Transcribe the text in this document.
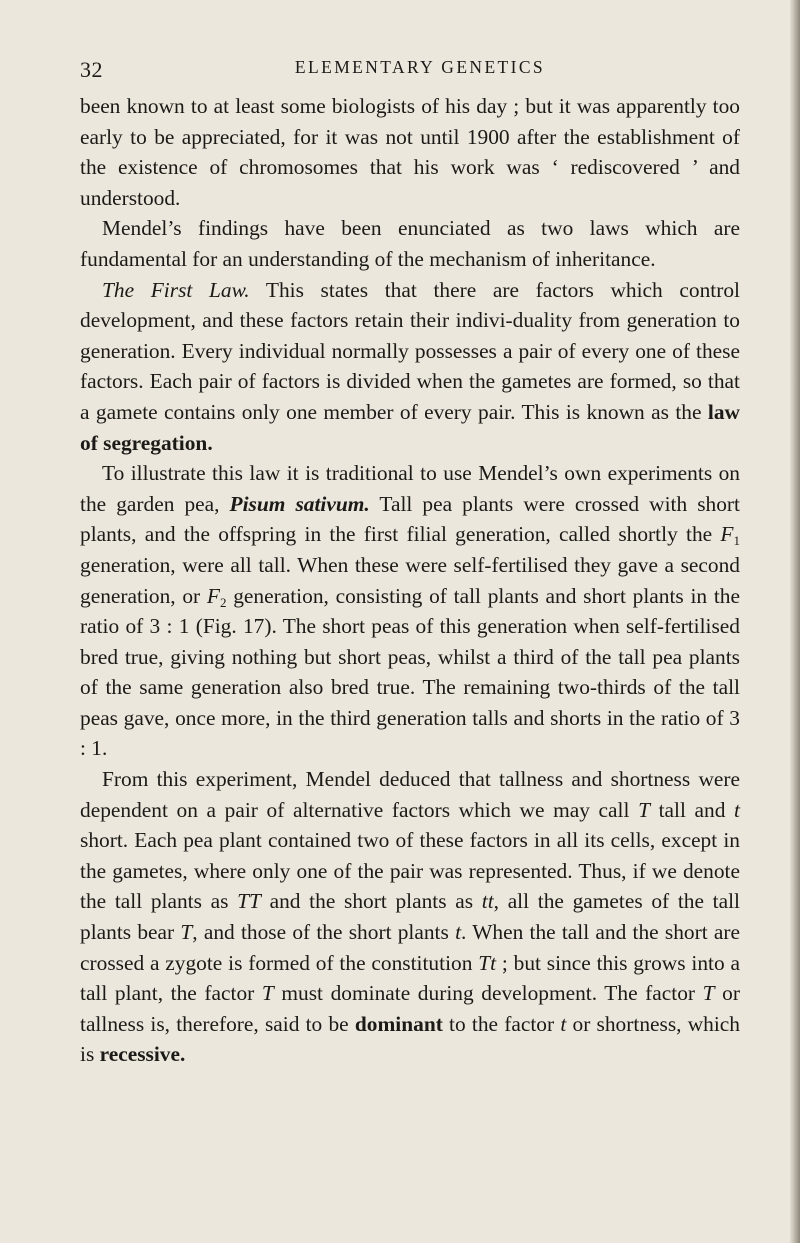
32	ELEMENTARY GENETICS

been known to at least some biologists of his day ; but it was apparently too early to be appreciated, for it was not until 1900 after the establishment of the existence of chromosomes that his work was ‘ rediscovered ’ and understood.

Mendel’s findings have been enunciated as two laws which are fundamental for an understanding of the mechanism of inheritance.

The First Law. This states that there are factors which control development, and these factors retain their indivi-duality from generation to generation. Every individual normally possesses a pair of every one of these factors. Each pair of factors is divided when the gametes are formed, so that a gamete contains only one member of every pair. This is known as the law of segregation.

To illustrate this law it is traditional to use Mendel’s own experiments on the garden pea, Pisum sativum. Tall pea plants were crossed with short plants, and the offspring in the first filial generation, called shortly the $F_1$ generation, were all tall. When these were self-fertilised they gave a second generation, or $F_2$ generation, consisting of tall plants and short plants in the ratio of 3 : 1 (Fig. 17). The short peas of this generation when self-fertilised bred true, giving nothing but short peas, whilst a third of the tall pea plants of the same generation also bred true. The remaining two-thirds of the tall peas gave, once more, in the third generation talls and shorts in the ratio of 3 : 1.

From this experiment, Mendel deduced that tallness and shortness were dependent on a pair of alternative factors which we may call T tall and t short. Each pea plant contained two of these factors in all its cells, except in the gametes, where only one of the pair was represented. Thus, if we denote the tall plants as TT and the short plants as tt, all the gametes of the tall plants bear T, and those of the short plants t. When the tall and the short are crossed a zygote is formed of the constitution Tt ; but since this grows into a tall plant, the factor T must dominate during development. The factor T or tallness is, therefore, said to be dominant to the factor t or shortness, which is recessive.
